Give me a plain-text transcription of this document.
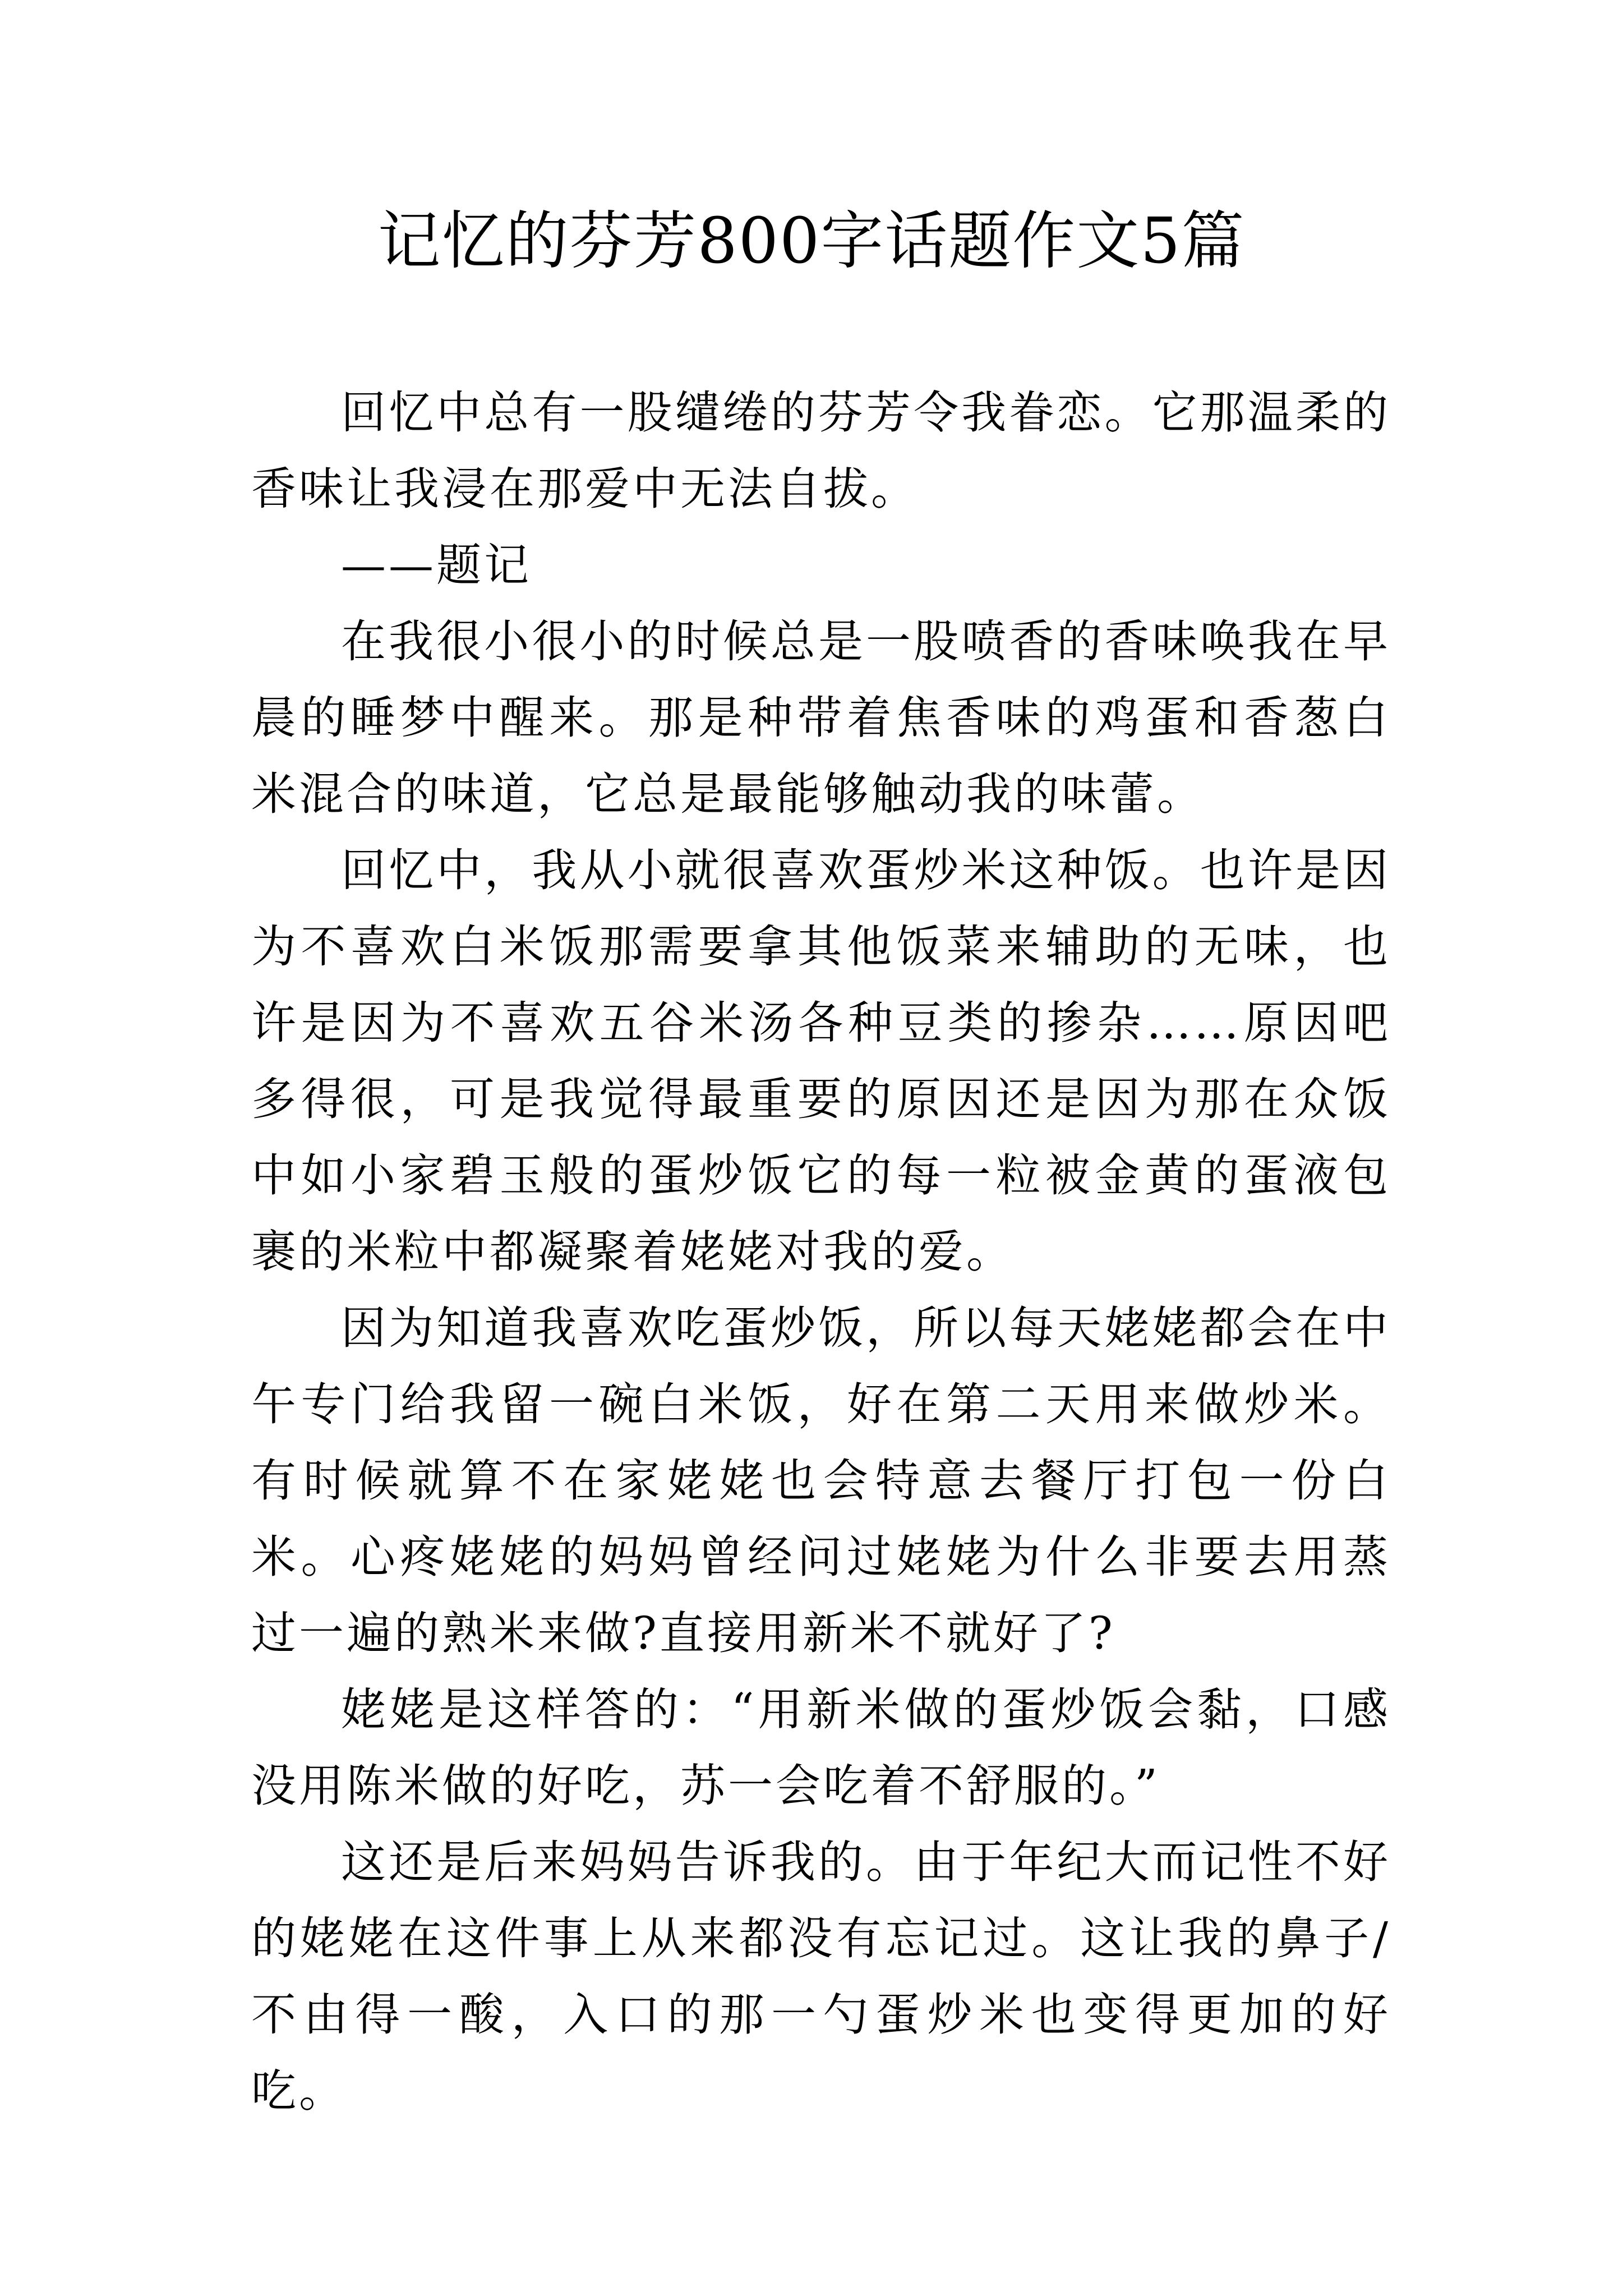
记忆的芬芳800字话题作文5篇

回忆中总有一股缱绻的芬芳令我眷恋。它那温柔的香味让我浸在那爱中无法自拔。

——题记

在我很小很小的时候总是一股喷香的香味唤我在早晨的睡梦中醒来。那是种带着焦香味的鸡蛋和香葱白米混合的味道，它总是最能够触动我的味蕾。

回忆中，我从小就很喜欢蛋炒米这种饭。也许是因为不喜欢白米饭那需要拿其他饭菜来辅助的无味，也许是因为不喜欢五谷米汤各种豆类的掺杂……原因吧多得很，可是我觉得最重要的原因还是因为那在众饭中如小家碧玉般的蛋炒饭它的每一粒被金黄的蛋液包裹的米粒中都凝聚着姥姥对我的爱。

因为知道我喜欢吃蛋炒饭，所以每天姥姥都会在中午专门给我留一碗白米饭，好在第二天用来做炒米。有时候就算不在家姥姥也会特意去餐厅打包一份白米。心疼姥姥的妈妈曾经问过姥姥为什么非要去用蒸过一遍的熟米来做?直接用新米不就好了?

姥姥是这样答的：“用新米做的蛋炒饭会黏，口感没用陈米做的好吃，苏一会吃着不舒服的。”

这还是后来妈妈告诉我的。由于年纪大而记性不好的姥姥在这件事上从来都没有忘记过。这让我的鼻子/不由得一酸，入口的那一勺蛋炒米也变得更加的好吃。
